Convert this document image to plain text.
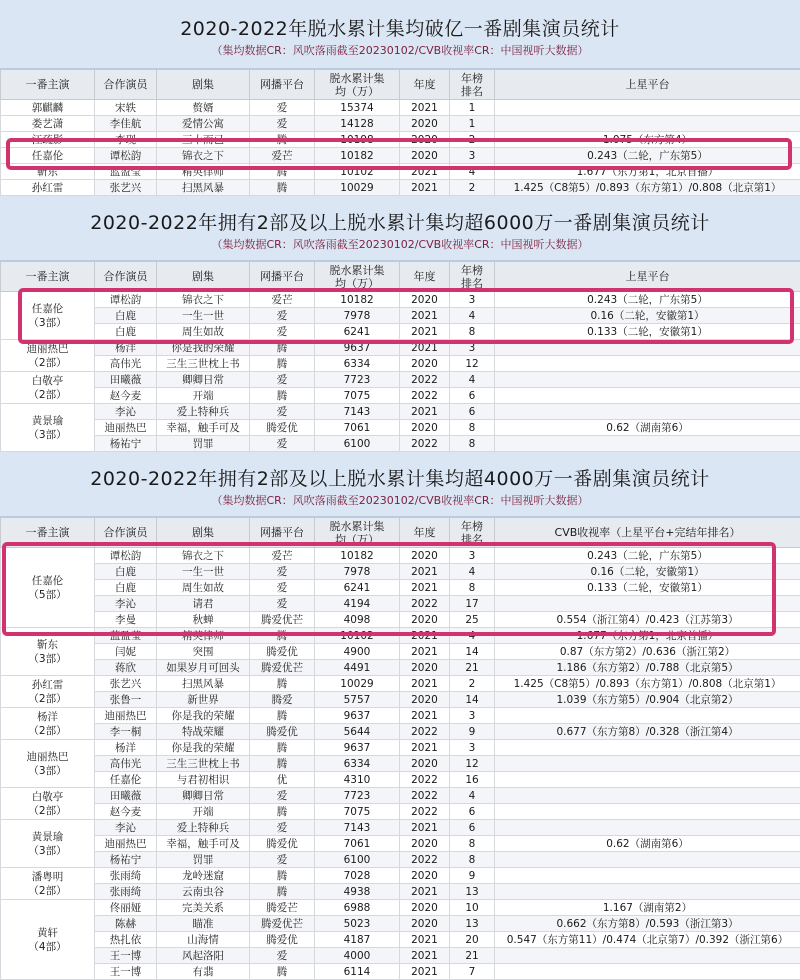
2020-2022年脱水累计集均破亿一番剧集演员统计
（集均数据CR：风吹落雨截至20230102/CVB收视率CR：中国视听大数据）
一番主演	合作演员	剧集	网播平台	脱水累计集均（万）	年度	年榜排名	上星平台

郭麒麟	宋轶	赘婿	爱	15374	2021	1	

娄艺潇	李佳航	爱情公寓	爱	14128	2020	1	

江疏影	李现	三十而已	腾	10198	2020	2	1.075（东方第4）

任嘉伦	谭松韵	锦衣之下	爱芒	10182	2020	3	0.243（二轮，广东第5）

靳东	蓝盈莹	精英律师	腾	10102	2021	4	1.677（东方第1，北京首播）

孙红雷	张艺兴	扫黑风暴	腾	10029	2021	2	1.425（C8第5）/0.893（东方第1）/0.808（北京第1）
2020-2022年拥有2部及以上脱水累计集均超6000万一番剧集演员统计
（集均数据CR：风吹落雨截至20230102/CVB收视率CR：中国视听大数据）
一番主演	合作演员	剧集	网播平台	脱水累计集均（万）	年度	年榜排名	上星平台

任嘉伦
（3部）	谭松韵	锦衣之下	爱芒	10182	2020	3	0.243（二轮，广东第5）
	白鹿	一生一世	爱	7978	2021	4	0.16（二轮，安徽第1）
	白鹿	周生如故	爱	6241	2021	8	0.133（二轮，安徽第1）

迪丽热巴
（2部）	杨洋	你是我的荣耀	腾	9637	2021	3	
	高伟光	三生三世枕上书	腾	6334	2020	12	

白敬亭
（2部）	田曦薇	卿卿日常	爱	7723	2022	4	
	赵今麦	开端	腾	7075	2022	6	

黄景瑜
（3部）	李沁	爱上特种兵	爱	7143	2021	6	
	迪丽热巴	幸福，触手可及	腾爱优	7061	2020	8	0.62（湖南第6）
	杨祐宁	罚罪	爱	6100	2022	8	
2020-2022年拥有2部及以上脱水累计集均超4000万一番剧集演员统计
（集均数据CR：风吹落雨截至20230102/CVB收视率CR：中国视听大数据）
一番主演	合作演员	剧集	网播平台	脱水累计集均（万）	年度	年榜排名	CVB收视率（上星平台+完结年排名）

任嘉伦
（5部）	谭松韵	锦衣之下	爱芒	10182	2020	3	0.243（二轮，广东第5）
	白鹿	一生一世	爱	7978	2021	4	0.16（二轮，安徽第1）
	白鹿	周生如故	爱	6241	2021	8	0.133（二轮，安徽第1）
	李沁	请君	爱	4194	2022	17	
	李曼	秋蝉	腾爱优芒	4098	2020	25	0.554（浙江第4）/0.423（江苏第3）

靳东
（3部）	蓝盈莹	精英律师	腾	10102	2021	4	1.677（东方第1，北京首播）
	闫妮	突围	腾爱优	4900	2021	14	0.87（东方第2）/0.636（浙江第2）
	蒋欣	如果岁月可回头	腾爱优芒	4491	2020	21	1.186（东方第2）/0.788（北京第5）

孙红雷
（2部）	张艺兴	扫黑风暴	腾	10029	2021	2	1.425（C8第5）/0.893（东方第1）/0.808（北京第1）
	张鲁一	新世界	腾爱	5757	2020	14	1.039（东方第5）/0.904（北京第2）

杨洋
（2部）	迪丽热巴	你是我的荣耀	腾	9637	2021	3	
	李一桐	特战荣耀	腾爱优	5644	2022	9	0.677（东方第8）/0.328（浙江第4）

迪丽热巴
（3部）	杨洋	你是我的荣耀	腾	9637	2021	3	
	高伟光	三生三世枕上书	腾	6334	2020	12	
	任嘉伦	与君初相识	优	4310	2022	16	

白敬亭
（2部）	田曦薇	卿卿日常	爱	7723	2022	4	
	赵今麦	开端	腾	7075	2022	6	

黄景瑜
（3部）	李沁	爱上特种兵	爱	7143	2021	6	
	迪丽热巴	幸福，触手可及	腾爱优	7061	2020	8	0.62（湖南第6）
	杨祐宁	罚罪	爱	6100	2022	8	

潘粤明
（2部）	张雨绮	龙岭迷窟	腾	7028	2020	9	
	张雨绮	云南虫谷	腾	4938	2021	13	

黄轩
（4部）	佟丽娅	完美关系	腾爱芒	6988	2020	10	1.167（湖南第2）
	陈赫	瞄准	腾爱优芒	5023	2020	13	0.662（东方第8）/0.593（浙江第3）
	热扎依	山海情	腾爱优	4187	2021	20	0.547（东方第11）/0.474（北京第7）/0.392（浙江第6）
	王一博	风起洛阳	爱	4000	2021	21	
	王一博	有翡	腾	6114	2021	7	
